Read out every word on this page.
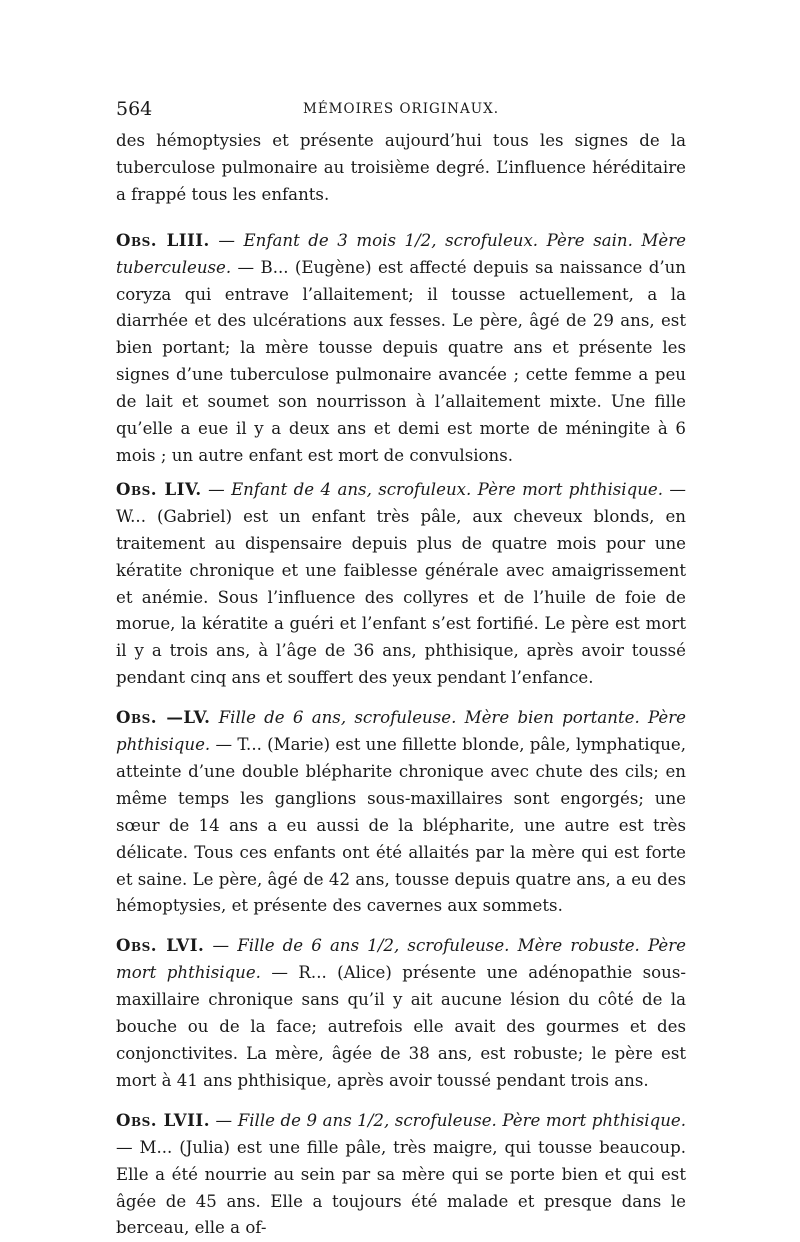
564	MÉMOIRES ORIGINAUX.

des hémoptysies et présente aujourd’hui tous les signes de la tuberculose pulmonaire au troisième degré. L’influence héréditaire a frappé tous les enfants.

Obs. LIII. — Enfant de 3 mois 1/2, scrofuleux. Père sain. Mère tuberculeuse. — B... (Eugène) est affecté depuis sa naissance d’un coryza qui entrave l’allaitement; il tousse actuellement, a la diarrhée et des ulcérations aux fesses. Le père, âgé de 29 ans, est bien portant; la mère tousse depuis quatre ans et présente les signes d’une tuberculose pulmonaire avancée ; cette femme a peu de lait et soumet son nourrisson à l’allaitement mixte. Une fille qu’elle a eue il y a deux ans et demi est morte de méningite à 6 mois ; un autre enfant est mort de convulsions.

Obs. LIV. — Enfant de 4 ans, scrofuleux. Père mort phthisique. — W... (Gabriel) est un enfant très pâle, aux cheveux blonds, en traitement au dispensaire depuis plus de quatre mois pour une kératite chronique et une faiblesse générale avec amaigrissement et anémie. Sous l’influence des collyres et de l’huile de foie de morue, la kératite a guéri et l’enfant s’est fortifié. Le père est mort il y a trois ans, à l’âge de 36 ans, phthisique, après avoir toussé pendant cinq ans et souffert des yeux pendant l’enfance.

Obs. —LV. Fille de 6 ans, scrofuleuse. Mère bien portante. Père phthisique. — T... (Marie) est une fillette blonde, pâle, lymphatique, atteinte d’une double blépharite chronique avec chute des cils; en même temps les ganglions sous-maxillaires sont engorgés; une sœur de 14 ans a eu aussi de la blépharite, une autre est très délicate. Tous ces enfants ont été allaités par la mère qui est forte et saine. Le père, âgé de 42 ans, tousse depuis quatre ans, a eu des hémoptysies, et présente des cavernes aux sommets.

Obs. LVI. — Fille de 6 ans 1/2, scrofuleuse. Mère robuste. Père mort phthisique. — R... (Alice) présente une adénopathie sous-maxillaire chronique sans qu’il y ait aucune lésion du côté de la bouche ou de la face; autrefois elle avait des gourmes et des conjonctivites. La mère, âgée de 38 ans, est robuste; le père est mort à 41 ans phthisique, après avoir toussé pendant trois ans.

Obs. LVII. — Fille de 9 ans 1/2, scrofuleuse. Père mort phthisique. — M... (Julia) est une fille pâle, très maigre, qui tousse beaucoup. Elle a été nourrie au sein par sa mère qui se porte bien et qui est âgée de 45 ans. Elle a toujours été malade et presque dans le berceau, elle a of-
